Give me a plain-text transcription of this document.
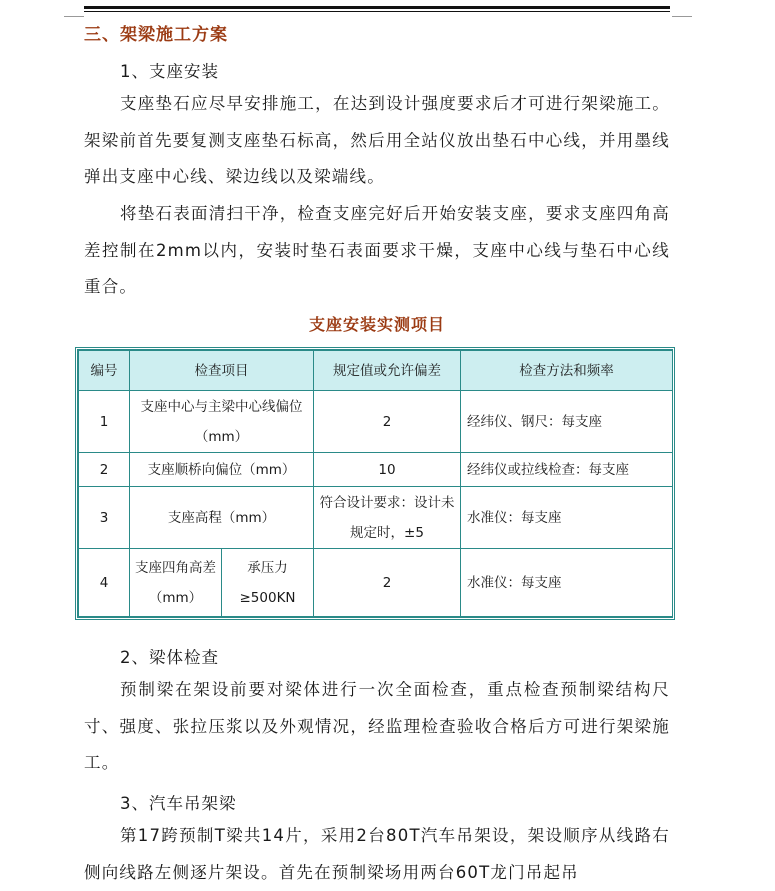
三、架梁施工方案
1、支座安装

支座垫石应尽早安排施工，在达到设计强度要求后才可进行架梁施工。架梁前首先要复测支座垫石标高，然后用全站仪放出垫石中心线，并用墨线弹出支座中心线、梁边线以及梁端线。

将垫石表面清扫干净，检查支座完好后开始安装支座，要求支座四角高差控制在2mm以内，安装时垫石表面要求干燥，支座中心线与垫石中心线重合。

支座安装实测项目
2、梁体检查

预制梁在架设前要对梁体进行一次全面检查，重点检查预制梁结构尺寸、强度、张拉压浆以及外观情况，经监理检查验收合格后方可进行架梁施工。

3、汽车吊架梁

第17跨预制T梁共14片，采用2台80T汽车吊架设，架设顺序从线路右侧向线路左侧逐片架设。首先在预制梁场用两台60T龙门吊起吊

编号	检查项目		规定值或允许偏差	检查方法和频率
1	支座中心与主梁中心线偏位（mm）		2	经纬仪、钢尺：每支座
2	支座顺桥向偏位（mm）		10	经纬仪或拉线检查：每支座
3	支座高程（mm）		符合设计要求：设计未规定时，±5	水准仪：每支座
4	支座四角高差（mm）	承压力≥500KN	2	水准仪：每支座
